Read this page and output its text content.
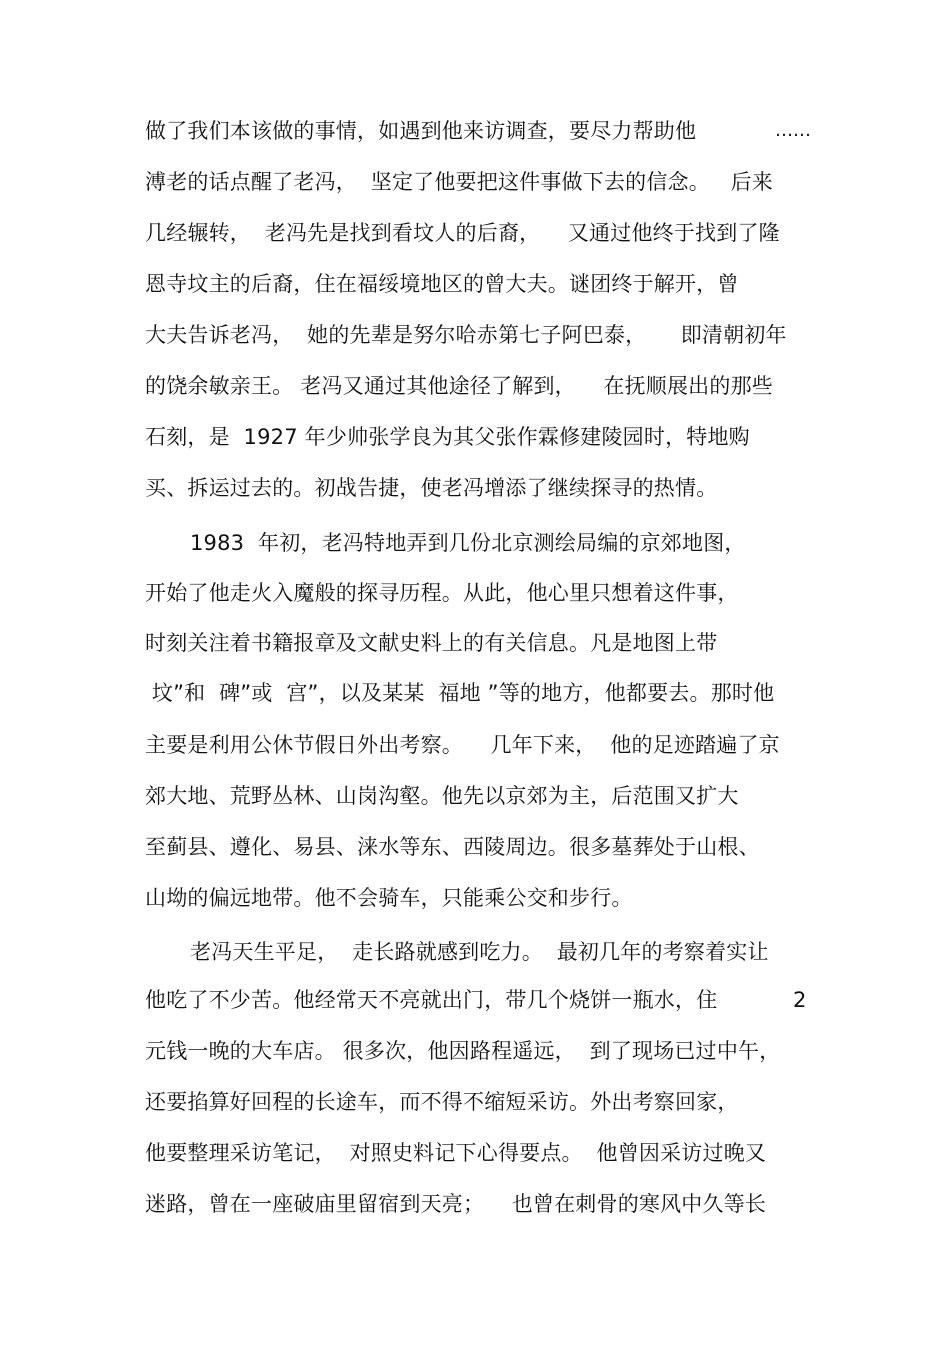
做了我们本该做的事情，如遇到他来访调查，要尽力帮助他	……
溥老的话点醒了老冯，  坚定了他要把这件事做下去的信念。   后来
几经辗转，  老冯先是找到看坟人的后裔，    又通过他终于找到了隆
恩寺坟主的后裔，住在福绥境地区的曾大夫。谜团终于解开，曾
大夫告诉老冯，  她的先辈是努尔哈赤第七子阿巴泰，     即清朝初年
的饶余敏亲王。 老冯又通过其他途径了解到，    在抚顺展出的那些
石刻，是  1927 年少帅张学良为其父张作霖修建陵园时，特地购
买、拆运过去的。初战告捷，使老冯增添了继续探寻的热情。
1983  年初，老冯特地弄到几份北京测绘局编的京郊地图，
开始了他走火入魔般的探寻历程。从此，他心里只想着这件事，
时刻关注着书籍报章及文献史料上的有关信息。凡是地图上带
坟”和  碑”或  宫”，以及某某  福地 ”等的地方，他都要去。那时他
主要是利用公休节假日外出考察。    几年下来，  他的足迹踏遍了京
郊大地、荒野丛林、山岗沟壑。他先以京郊为主，后范围又扩大
至蓟县、遵化、易县、涞水等东、西陵周边。很多墓葬处于山根、
山坳的偏远地带。他不会骑车，只能乘公交和步行。
老冯天生平足，  走长路就感到吃力。  最初几年的考察着实让
他吃了不少苦。他经常天不亮就出门，带几个烧饼一瓶水，住	2
元钱一晚的大车店。 很多次，他因路程遥远，  到了现场已过中午，
还要掐算好回程的长途车，而不得不缩短采访。外出考察回家，
他要整理采访笔记，  对照史料记下心得要点。  他曾因采访过晚又
迷路，曾在一座破庙里留宿到天亮；    也曾在刺骨的寒风中久等长
